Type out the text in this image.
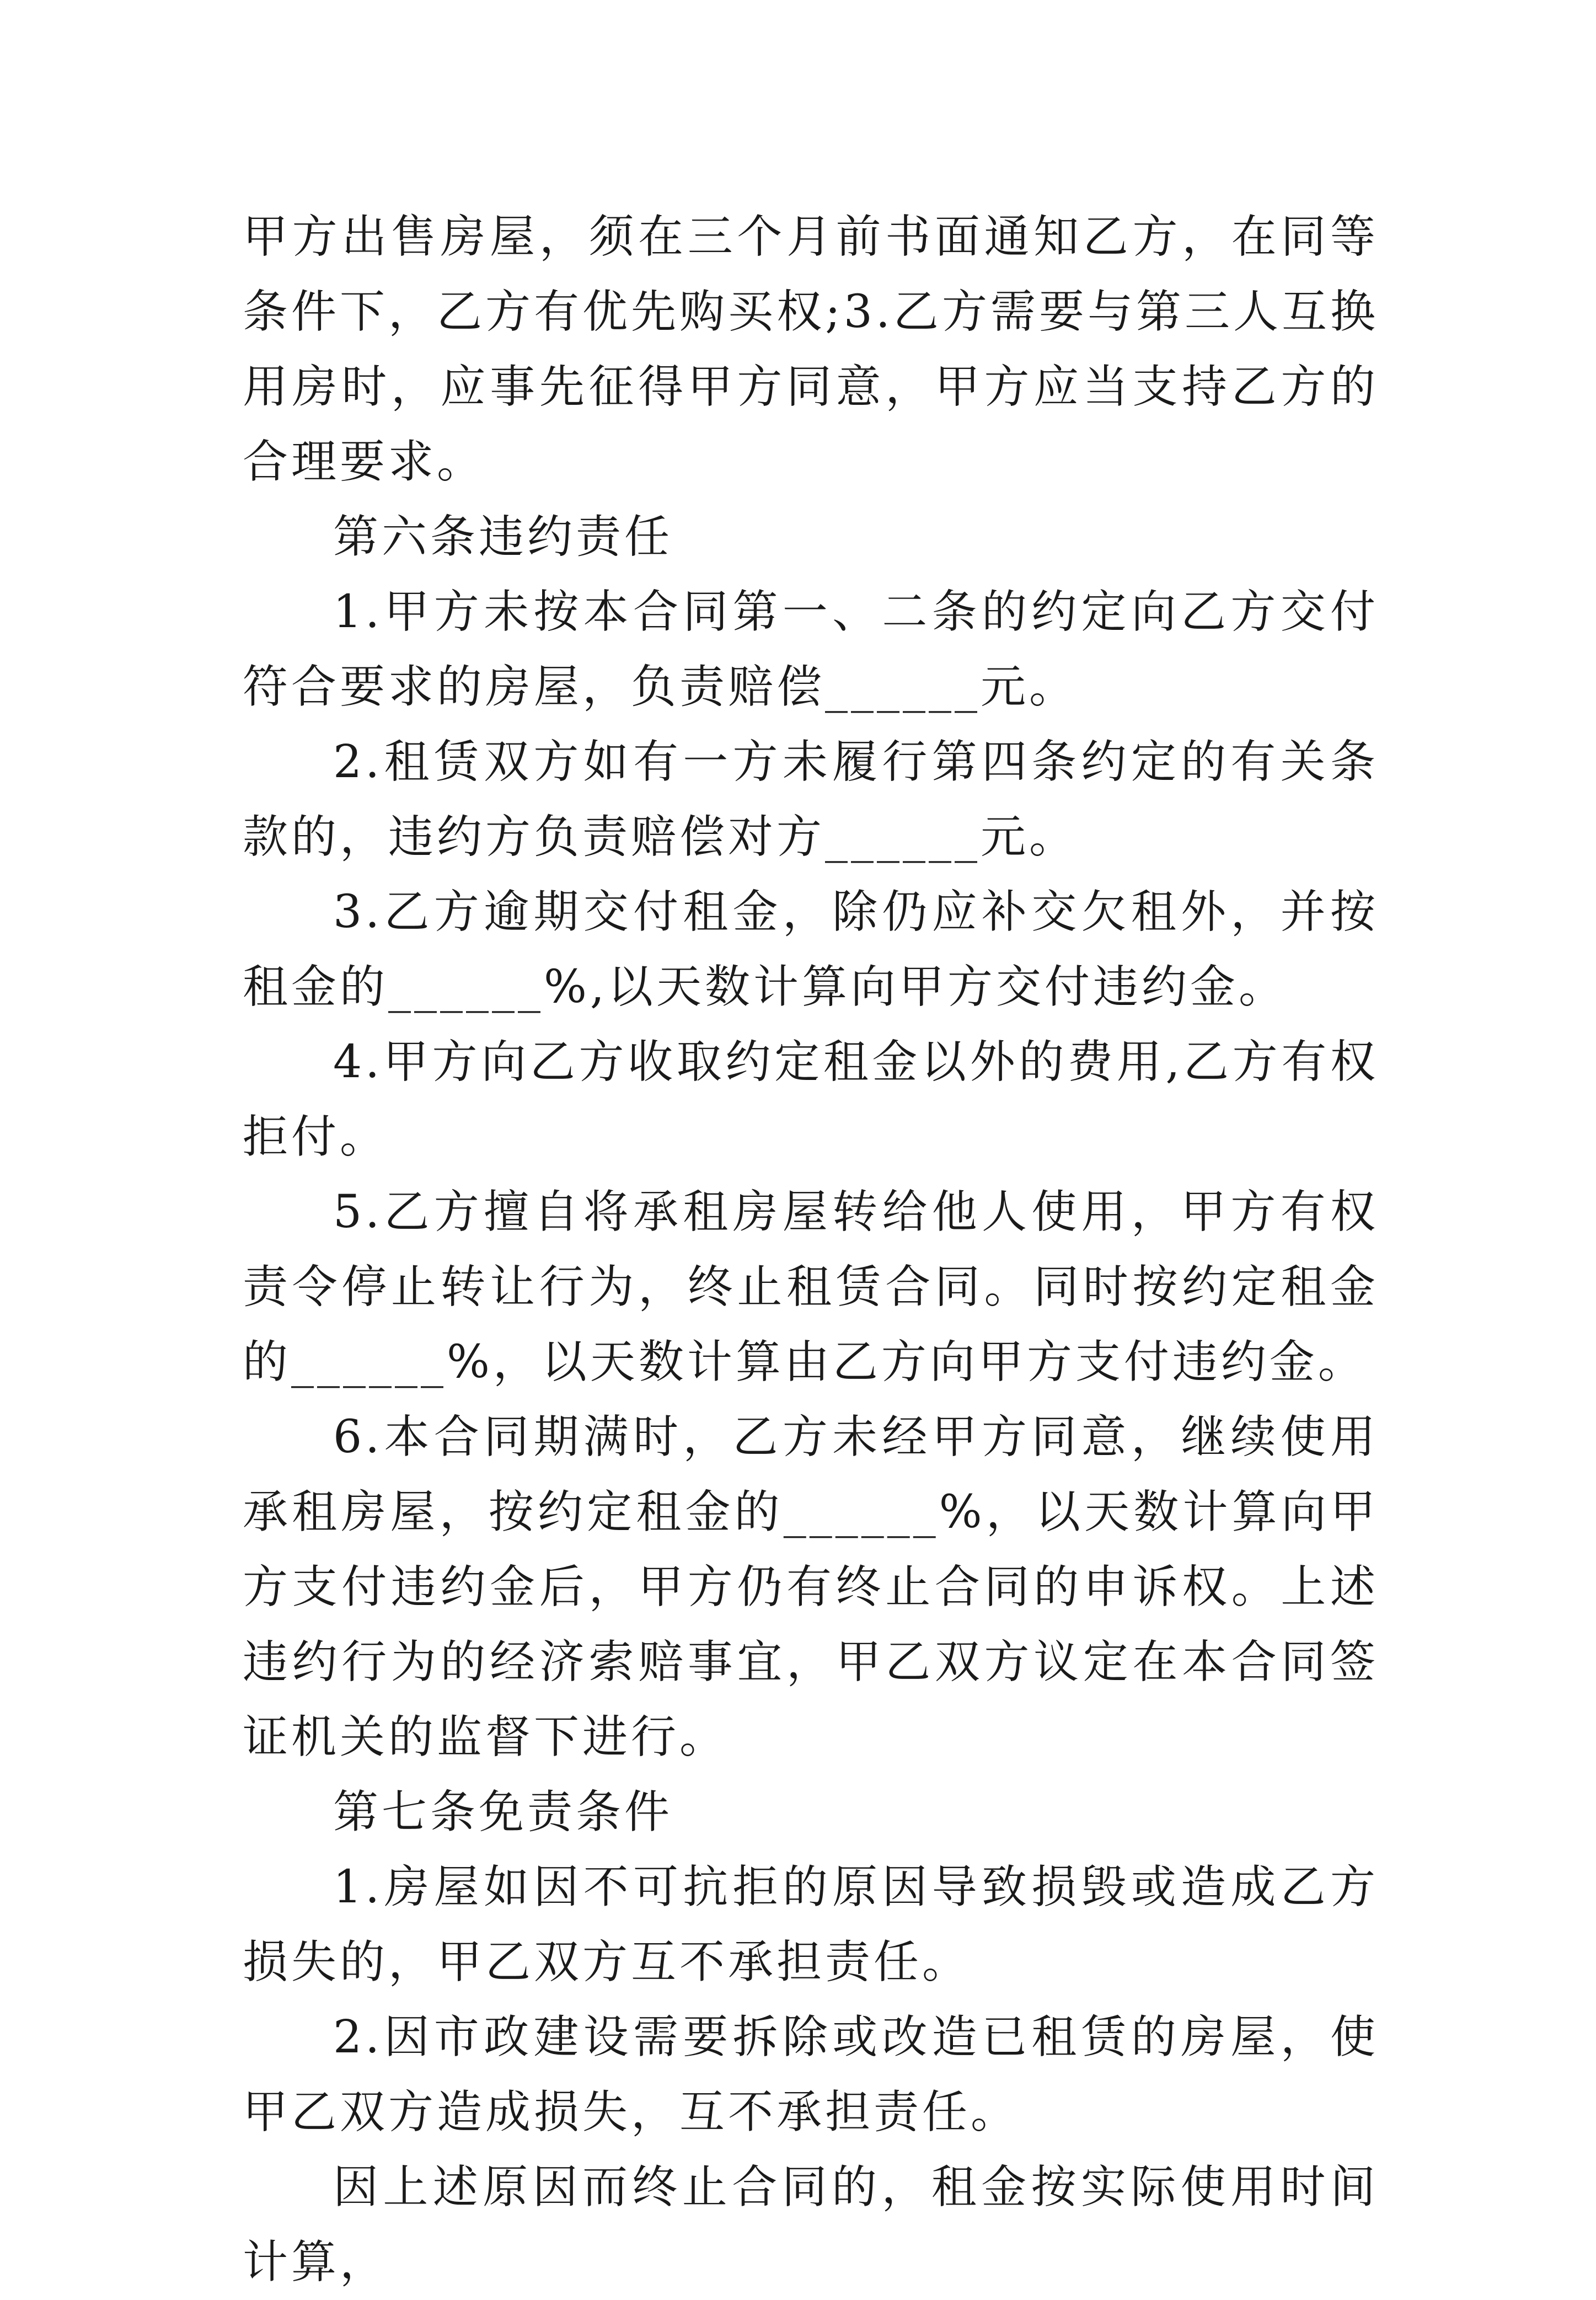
甲方出售房屋，须在三个月前书面通知乙方，在同等条件下，乙方有优先购买权;3.乙方需要与第三人互换用房时，应事先征得甲方同意，甲方应当支持乙方的合理要求。

第六条违约责任

1.甲方未按本合同第一、二条的约定向乙方交付符合要求的房屋，负责赔偿______元。

2.租赁双方如有一方未履行第四条约定的有关条款的，违约方负责赔偿对方______元。

3.乙方逾期交付租金，除仍应补交欠租外，并按租金的______%,以天数计算向甲方交付违约金。

4.甲方向乙方收取约定租金以外的费用,乙方有权拒付。

5.乙方擅自将承租房屋转给他人使用，甲方有权责令停止转让行为，终止租赁合同。同时按约定租金的______%，以天数计算由乙方向甲方支付违约金。

6.本合同期满时，乙方未经甲方同意，继续使用承租房屋，按约定租金的______%，以天数计算向甲方支付违约金后，甲方仍有终止合同的申诉权。上述违约行为的经济索赔事宜，甲乙双方议定在本合同签证机关的监督下进行。

第七条免责条件

1.房屋如因不可抗拒的原因导致损毁或造成乙方损失的，甲乙双方互不承担责任。

2.因市政建设需要拆除或改造已租赁的房屋，使甲乙双方造成损失，互不承担责任。

因上述原因而终止合同的，租金按实际使用时间计算，
